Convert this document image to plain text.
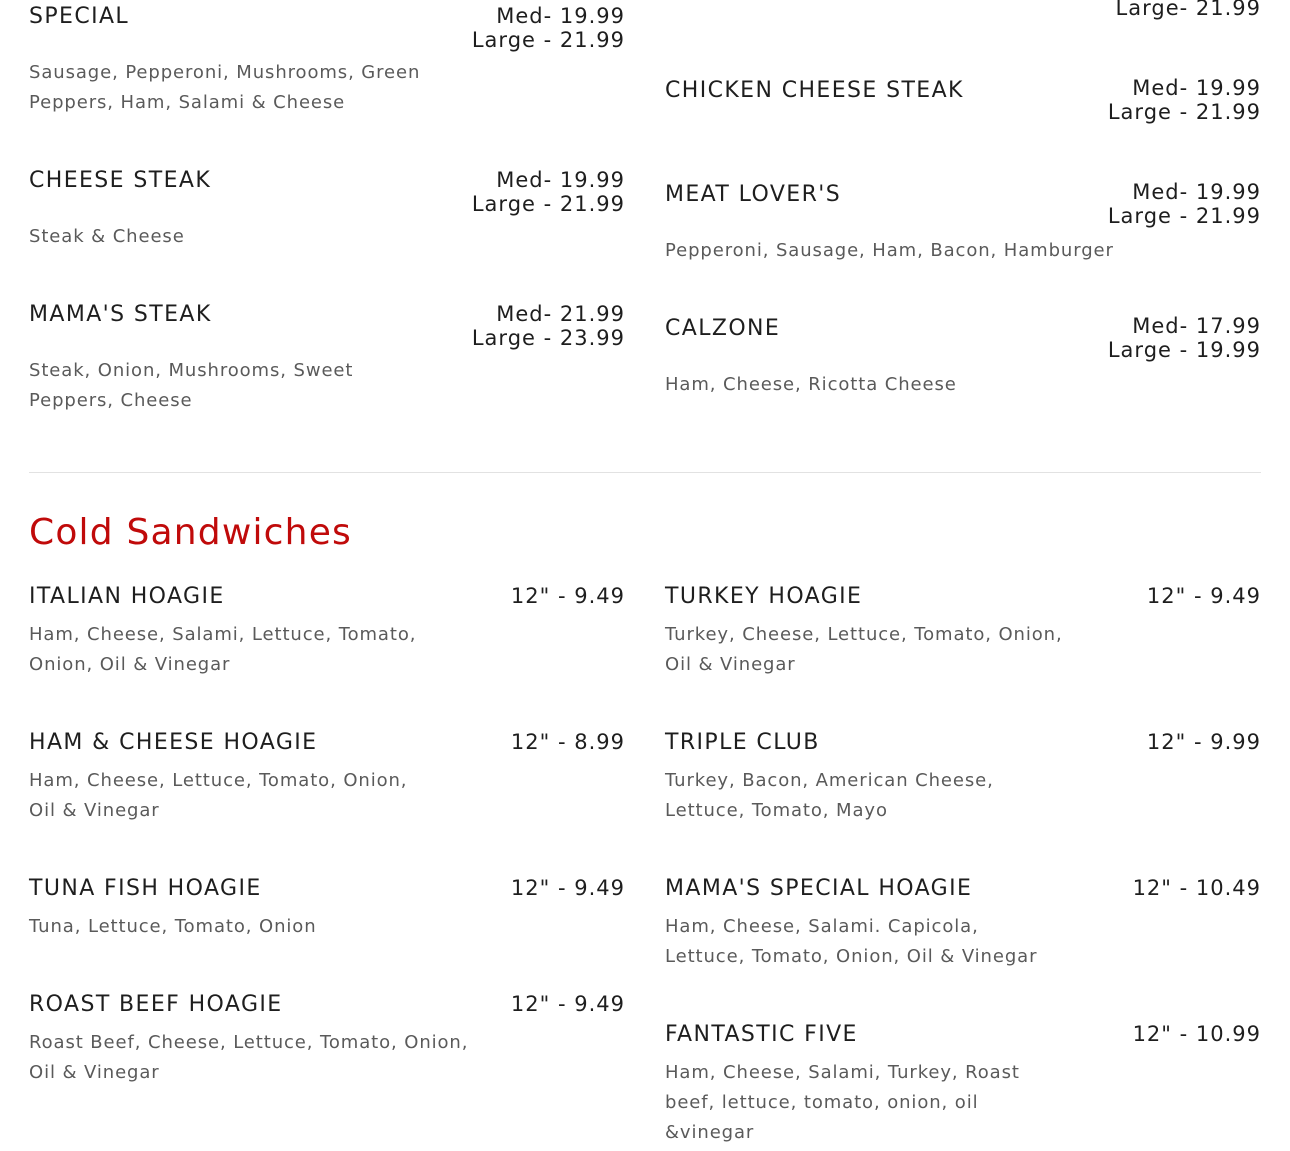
SPECIAL	Med- 19.99
Large - 21.99
Sausage, Pepperoni, Mushrooms, Green Peppers, Ham, Salami & Cheese
CHEESE STEAK	Med- 19.99
Large - 21.99
Steak & Cheese
MAMA'S STEAK	Med- 21.99
Large - 23.99
Steak, Onion, Mushrooms, Sweet Peppers, Cheese
Large- 21.99
CHICKEN CHEESE STEAK	Med- 19.99
Large - 21.99
MEAT LOVER'S	Med- 19.99
Large - 21.99
Pepperoni, Sausage, Ham, Bacon, Hamburger
CALZONE	Med- 17.99
Large - 19.99
Ham, Cheese, Ricotta Cheese
Cold Sandwiches
ITALIAN HOAGIE	12" - 9.49
Ham, Cheese, Salami, Lettuce, Tomato, Onion, Oil & Vinegar
HAM & CHEESE HOAGIE	12" - 8.99
Ham, Cheese, Lettuce, Tomato, Onion, Oil & Vinegar
TUNA FISH HOAGIE	12" - 9.49
Tuna, Lettuce, Tomato, Onion
ROAST BEEF HOAGIE	12" - 9.49
Roast Beef, Cheese, Lettuce, Tomato, Onion, Oil & Vinegar
TURKEY HOAGIE	12" - 9.49
Turkey, Cheese, Lettuce, Tomato, Onion, Oil & Vinegar
TRIPLE CLUB	12" - 9.99
Turkey, Bacon, American Cheese, Lettuce, Tomato, Mayo
MAMA'S SPECIAL HOAGIE	12" - 10.49
Ham, Cheese, Salami. Capicola, Lettuce, Tomato, Onion, Oil & Vinegar
FANTASTIC FIVE	12" - 10.99
Ham, Cheese, Salami, Turkey, Roast beef, lettuce, tomato, onion, oil &vinegar
